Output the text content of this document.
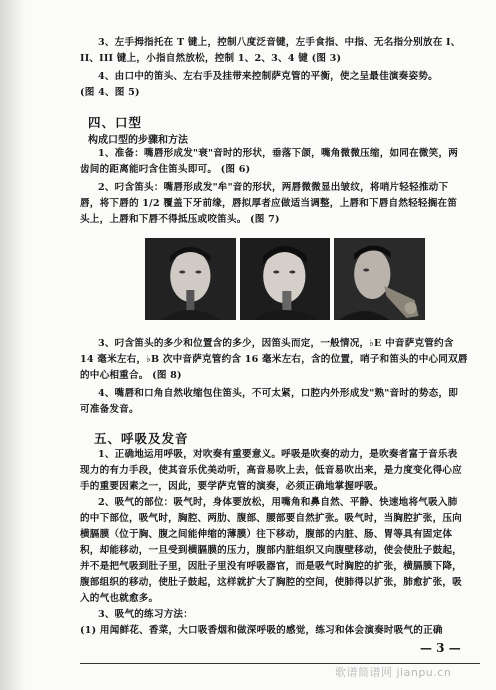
3、左手拇指托在 T 键上，控制八度泛音键，左手食指、中指、无名指分别放在 I、
II、III 键上，小指自然放松，控制 1、2、3、4 键 (图 3)
4、由口中的笛头、左右手及挂带来控制萨克管的平衡，使之呈最佳演奏姿势。
(图 4、图 5)
四、口型
构成口型的步骤和方法
1、准备：嘴唇形成发"衰"音时的形状，垂落下颌，嘴角微微压缩，如同在微笑，两
齿间的距离能叼含住笛头即可。 (图 6)
2、叼含笛头：嘴唇形成发"牟"音的形状，两唇微微显出皱纹，将哨片轻轻推动下
唇，将下唇的 1/2 覆盖下牙前缘，唇拟厚者应做适当调整，上唇和下唇自然轻轻搁在笛
头上，上唇和下唇不得抵压或咬笛头。 (图 7)
3、叼含笛头的多少和位置含的多少，因笛头而定，一般情况，♭E 中音萨克管约含
14 毫米左右，♭B 次中音萨克管约含 16 毫米左右，含的位置，哨子和笛头的中心同双唇
的中心相重合。 (图 8)
4、嘴唇和口角自然收缩包住笛头，不可太紧，口腔内外形成发"熟"音时的势态，即
可准备发音。
五、呼吸及发音
1、正确地运用呼吸，对吹奏有重要意义。呼吸是吹奏的动力，是吹奏者富于音乐表
现力的有力手段，使其音乐优美动听，高音易吹上去，低音易吹出来，是力度变化得心应
手的重要因素之一，因此，要学萨克管的演奏，必须正确地掌握呼吸。
2、吸气的部位：吸气时，身体要放松，用嘴角和鼻自然、平静、快速地将气吸入肺
的中下部位，吸气时，胸腔、两肋、腹部、腰部要自然扩张。吸气时，当胸腔扩张，压向
横膈膜（位于胸、腹之间能伸缩的薄膜）往下移动，腹部的内脏、肠、胃等具有固定体
积，却能移动，一旦受到横膈膜的压力，腹部内脏组织又向腹壁移动，使会使肚子鼓起，
并不是把气吸到肚子里，因肚子里没有呼吸器官，而是吸气时胸腔的扩张，横膈膜下降，
腹部组织的移动，使肚子鼓起，这样就扩大了胸腔的空间，使肺得以扩张，肺愈扩张，吸
入的气也就愈多。
3、吸气的练习方法：
(1) 用闻鲜花、香菜，大口吸香烟和做深呼吸的感觉，练习和体会演奏时吸气的正确
— 3 —
歌谱简谱网 jianpu.cn
